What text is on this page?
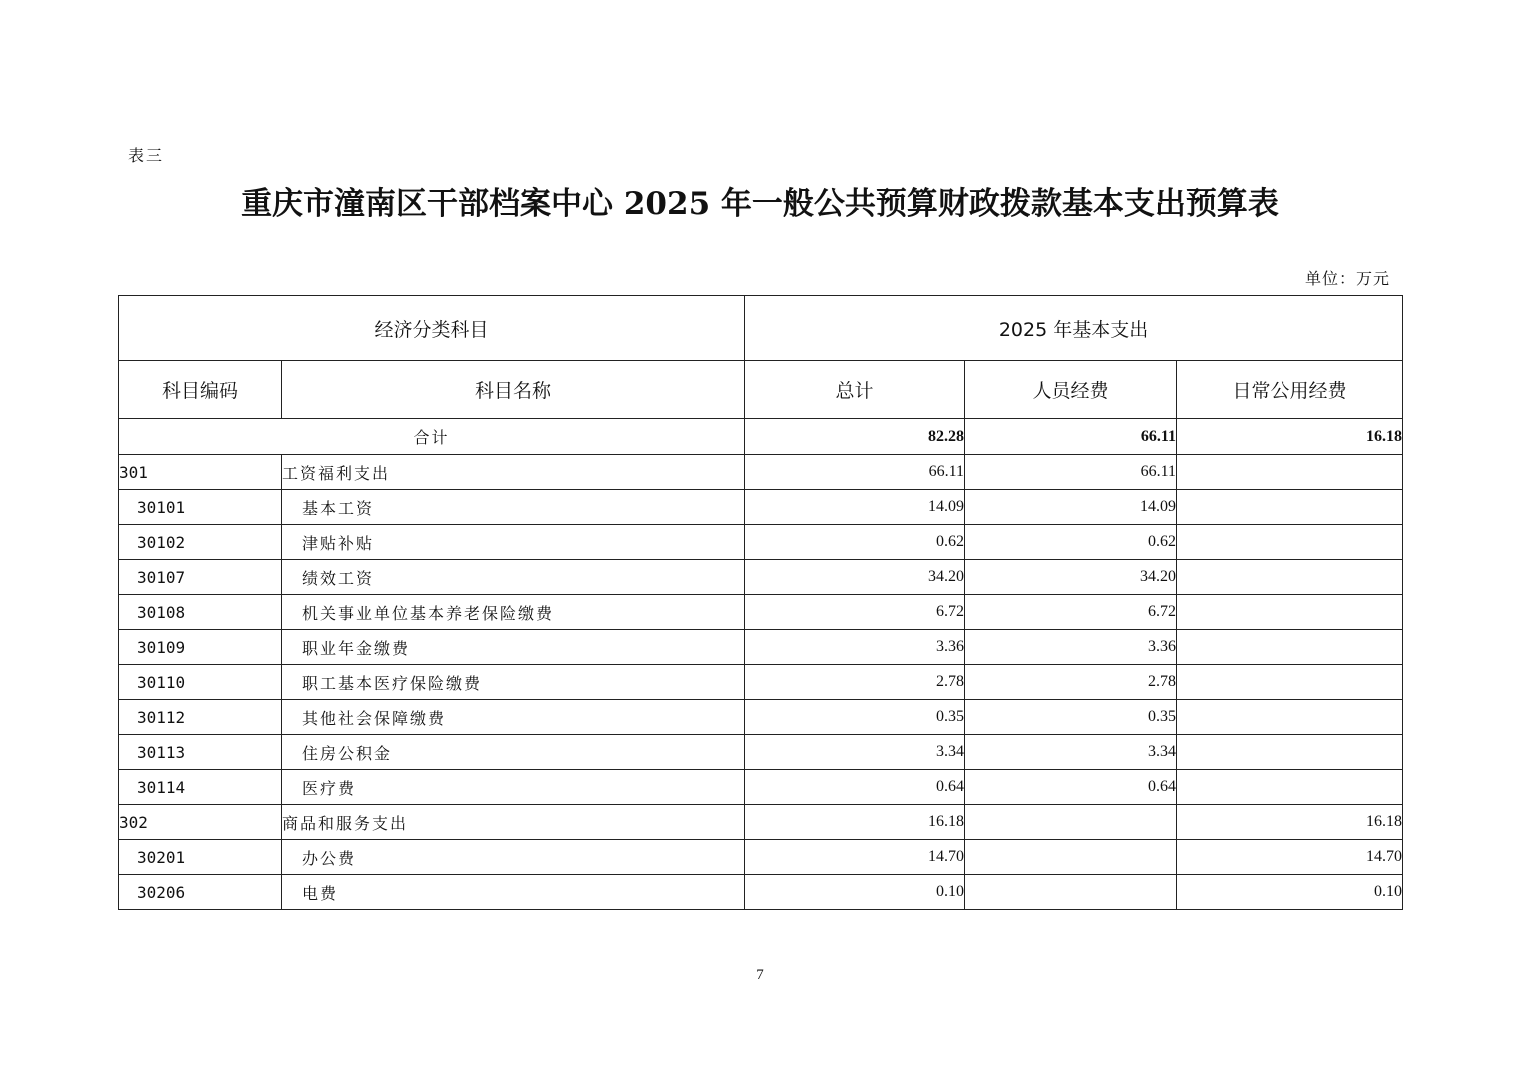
表三
重庆市潼南区干部档案中心 2025 年一般公共预算财政拨款基本支出预算表
单位：万元
经济分类科目		2025 年基本支出		
科目编码	科目名称	总计	人员经费	日常公用经费
合计		82.28	66.11	16.18
301	工资福利支出	66.11	66.11	
30101	基本工资	14.09	14.09	
30102	津贴补贴	0.62	0.62	
30107	绩效工资	34.20	34.20	
30108	机关事业单位基本养老保险缴费	6.72	6.72	
30109	职业年金缴费	3.36	3.36	
30110	职工基本医疗保险缴费	2.78	2.78	
30112	其他社会保障缴费	0.35	0.35	
30113	住房公积金	3.34	3.34	
30114	医疗费	0.64	0.64	
302	商品和服务支出	16.18		16.18
30201	办公费	14.70		14.70
30206	电费	0.10		0.10
7
